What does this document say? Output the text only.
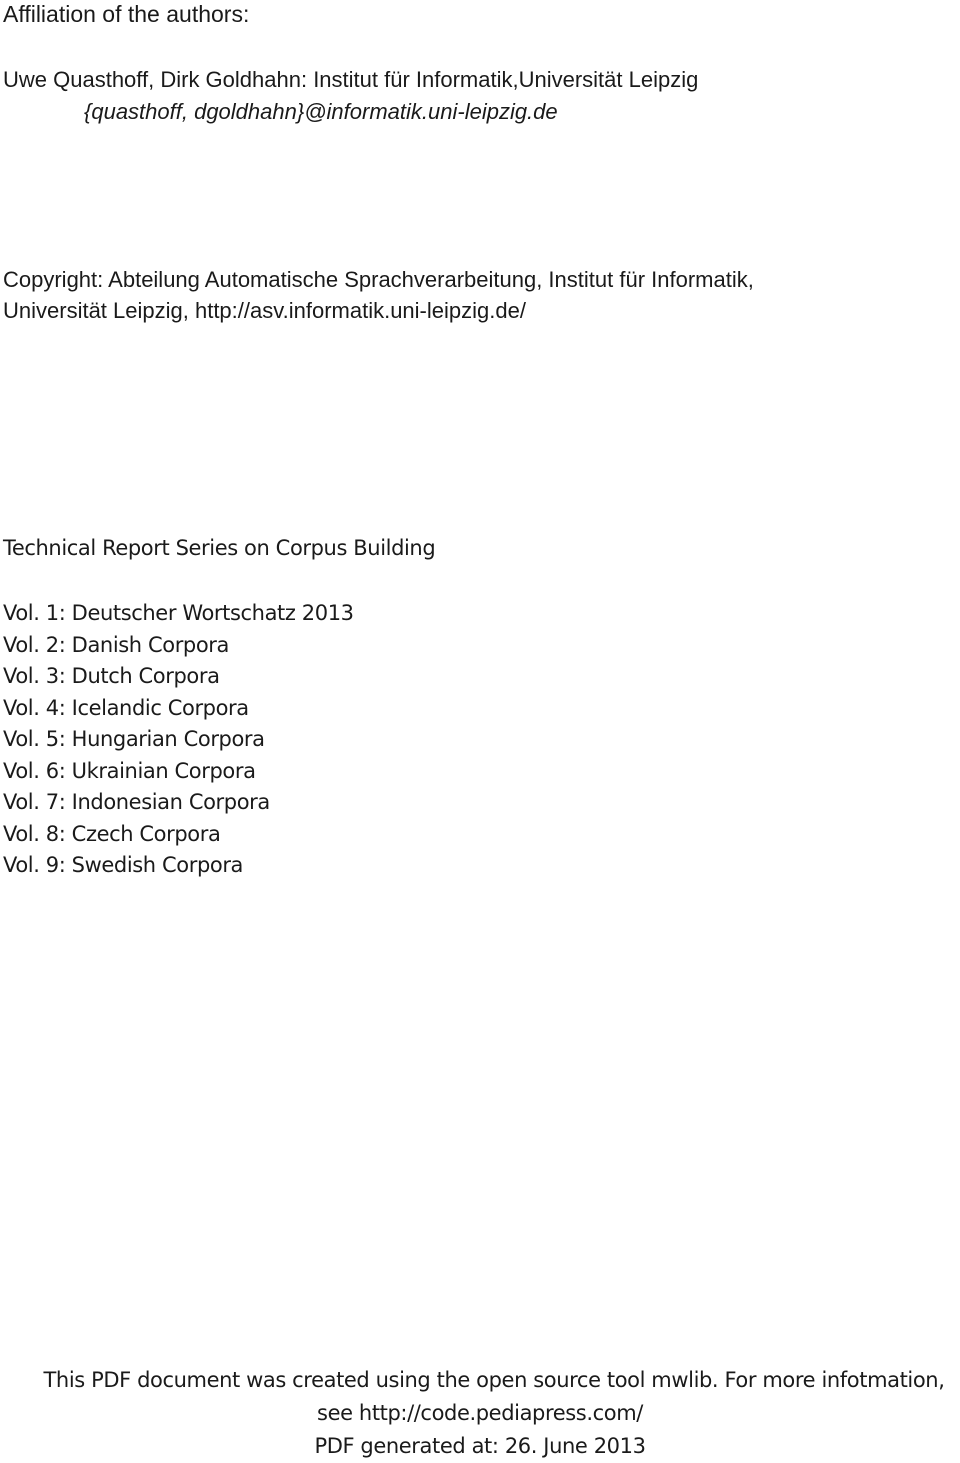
Affiliation of the authors:
Uwe Quasthoff, Dirk Goldhahn: Institut für Informatik,Universität Leipzig
{quasthoff, dgoldhahn}@informatik.uni-leipzig.de
Copyright: Abteilung Automatische Sprachverarbeitung, Institut für Informatik,
Universität Leipzig, http://asv.informatik.uni-leipzig.de/
Technical Report Series on Corpus Building
Vol. 1: Deutscher Wortschatz 2013
Vol. 2: Danish Corpora
Vol. 3: Dutch Corpora
Vol. 4: Icelandic Corpora
Vol. 5: Hungarian Corpora
Vol. 6: Ukrainian Corpora
Vol. 7: Indonesian Corpora
Vol. 8: Czech Corpora
Vol. 9: Swedish Corpora
This PDF document was created using the open source tool mwlib. For more infotmation,
see http://code.pediapress.com/
PDF generated at: 26. June 2013
